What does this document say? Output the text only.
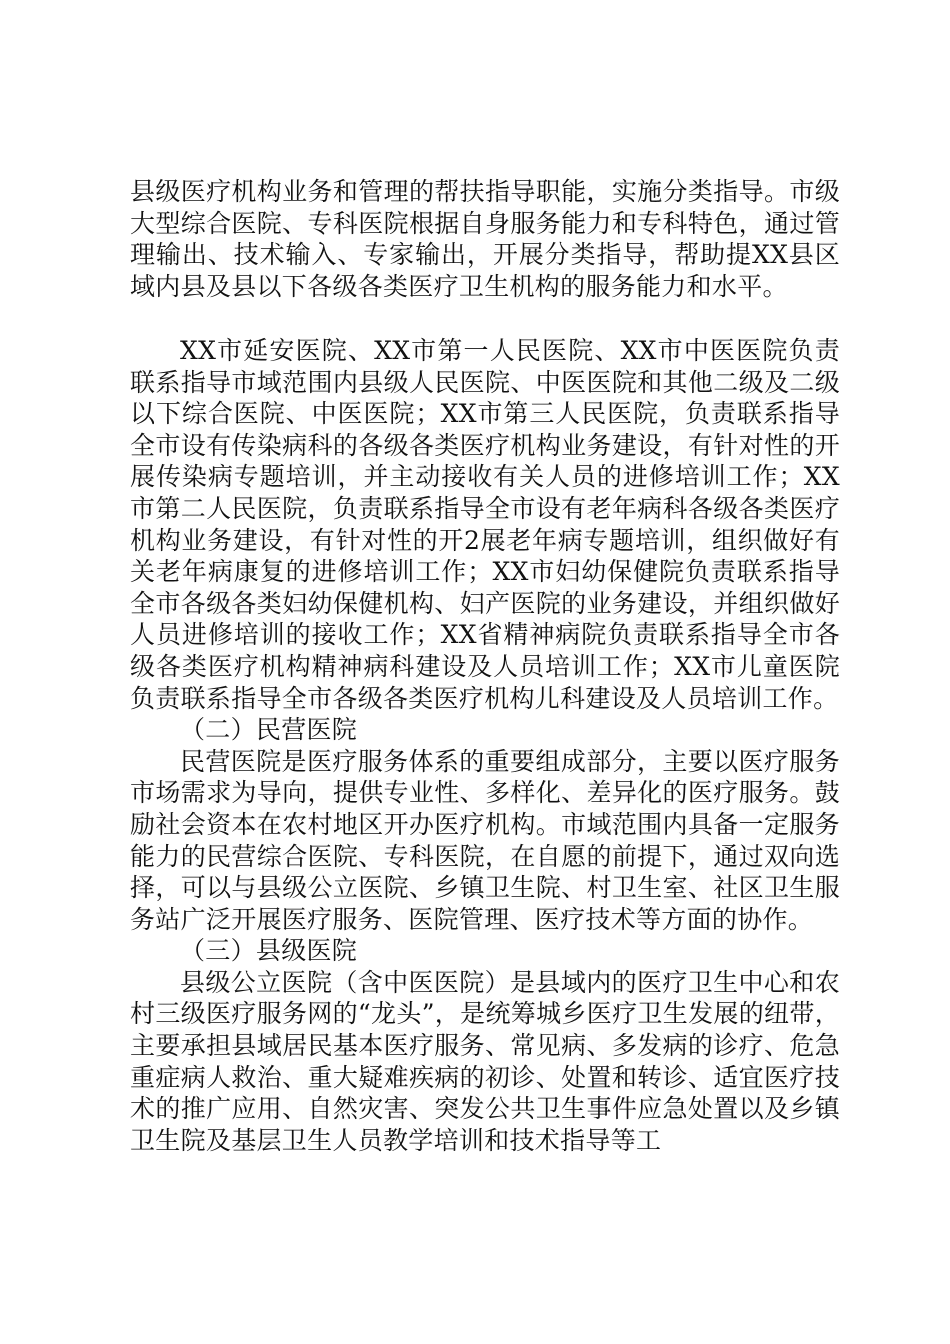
县级医疗机构业务和管理的帮扶指导职能，实施分类指导。市级大型综合医院、专科医院根据自身服务能力和专科特色，通过管理输出、技术输入、专家输出，开展分类指导，帮助提XX县区域内县及县以下各级各类医疗卫生机构的服务能力和水平。

XX市延安医院、XX市第一人民医院、XX市中医医院负责联系指导市域范围内县级人民医院、中医医院和其他二级及二级以下综合医院、中医医院；XX市第三人民医院，负责联系指导全市设有传染病科的各级各类医疗机构业务建设，有针对性的开展传染病专题培训，并主动接收有关人员的进修培训工作；XX市第二人民医院，负责联系指导全市设有老年病科各级各类医疗机构业务建设，有针对性的开2展老年病专题培训，组织做好有关老年病康复的进修培训工作；XX市妇幼保健院负责联系指导全市各级各类妇幼保健机构、妇产医院的业务建设，并组织做好人员进修培训的接收工作；XX省精神病院负责联系指导全市各级各类医疗机构精神病科建设及人员培训工作；XX市儿童医院负责联系指导全市各级各类医疗机构儿科建设及人员培训工作。

（二）民营医院

民营医院是医疗服务体系的重要组成部分，主要以医疗服务市场需求为导向，提供专业性、多样化、差异化的医疗服务。鼓励社会资本在农村地区开办医疗机构。市域范围内具备一定服务能力的民营综合医院、专科医院，在自愿的前提下，通过双向选择，可以与县级公立医院、乡镇卫生院、村卫生室、社区卫生服务站广泛开展医疗服务、医院管理、医疗技术等方面的协作。

（三）县级医院

县级公立医院（含中医医院）是县域内的医疗卫生中心和农村三级医疗服务网的“龙头”，是统筹城乡医疗卫生发展的纽带，主要承担县域居民基本医疗服务、常见病、多发病的诊疗、危急重症病人救治、重大疑难疾病的初诊、处置和转诊、适宜医疗技术的推广应用、自然灾害、突发公共卫生事件应急处置以及乡镇卫生院及基层卫生人员教学培训和技术指导等工
